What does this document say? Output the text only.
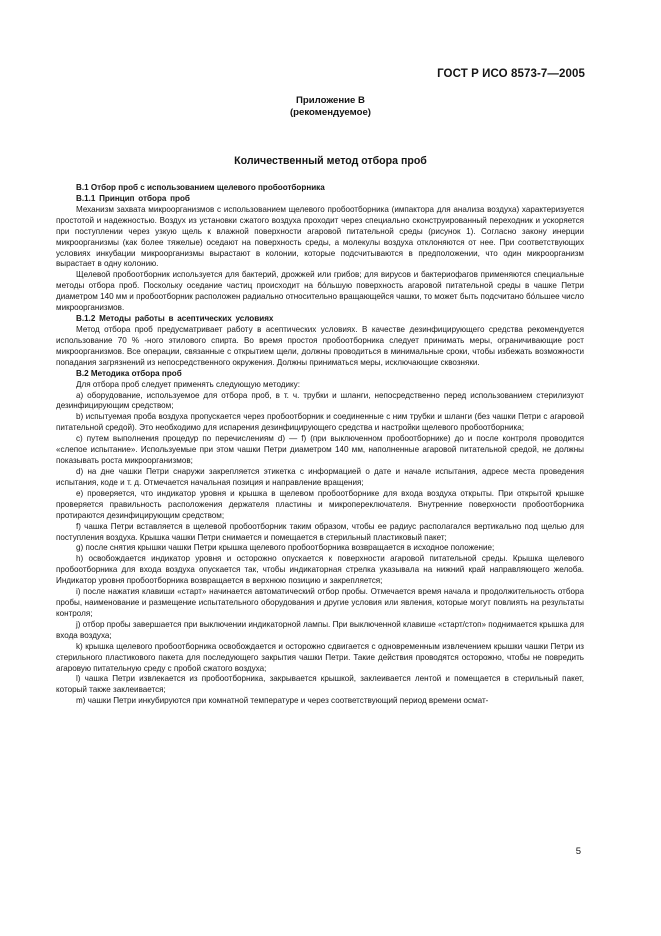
ГОСТ Р ИСО 8573-7—2005
Приложение В
(рекомендуемое)
Количественный метод отбора проб

В.1 Отбор проб с использованием щелевого пробоотборника

В.1.1 Принцип отбора проб

Механизм захвата микроорганизмов с использованием щелевого пробоотборника (импактора для анализа воздуха) характеризуется простотой и надежностью. Воздух из установки сжатого воздуха проходит через специально сконструированный переходник и ускоряется при поступлении через узкую щель к влажной поверхности агаровой питательной среды (рисунок 1). Согласно закону инерции микроорганизмы (как более тяжелые) оседают на поверхность среды, а молекулы воздуха отклоняются от нее. При соответствующих условиях инкубации микроорганизмы вырастают в колонии, которые подсчитываются в предположении, что один микроорганизм вырастает в одну колонию.

Щелевой пробоотборник используется для бактерий, дрожжей или грибов; для вирусов и бактериофагов применяются специальные методы отбора проб. Поскольку оседание частиц происходит на бо́льшую поверхность агаровой питательной среды в чашке Петри диаметром 140 мм и пробоотборник расположен радиально относительно вращающейся чашки, то может быть подсчитано бо́льшее число микроорганизмов.

В.1.2 Методы работы в асептических условиях

Метод отбора проб предусматривает работу в асептических условиях. В качестве дезинфицирующего средства рекомендуется использование 70 % -ного этилового спирта. Во время простоя пробоотборника следует принимать меры, ограничивающие рост микроорганизмов. Все операции, связанные с открытием щели, должны проводиться в минимальные сроки, чтобы избежать возможности попадания загрязнений из непосредственного окружения. Должны приниматься меры, исключающие сквозняки.

В.2 Методика отбора проб

Для отбора проб следует применять следующую методику:

a) оборудование, используемое для отбора проб, в т. ч. трубки и шланги, непосредственно перед использованием стерилизуют дезинфицирующим средством;

b) испытуемая проба воздуха пропускается через пробоотборник и соединенные с ним трубки и шланги (без чашки Петри с агаровой питательной средой). Это необходимо для испарения дезинфицирующего средства и настройки щелевого пробоотборника;

c) путем выполнения процедур по перечислениям d) — f) (при выключенном пробоотборнике) до и после контроля проводится «слепое испытание». Используемые при этом чашки Петри диаметром 140 мм, наполненные агаровой питательной средой, не должны показывать роста микроорганизмов;

d) на дне чашки Петри снаружи закрепляется этикетка с информацией о дате и начале испытания, адресе места проведения испытания, коде и т. д. Отмечается начальная позиция и направление вращения;

e) проверяется, что индикатор уровня и крышка в щелевом пробоотборнике для входа воздуха открыты. При открытой крышке проверяется правильность расположения держателя пластины и микропереключателя. Внутренние поверхности пробоотборника протираются дезинфицирующим средством;

f) чашка Петри вставляется в щелевой пробоотборник таким образом, чтобы ее радиус располагался вертикально под щелью для поступления воздуха. Крышка чашки Петри снимается и помещается в стерильный пластиковый пакет;

g) после снятия крышки чашки Петри крышка щелевого пробоотборника возвращается в исходное положение;

h) освобождается индикатор уровня и осторожно опускается к поверхности агаровой питательной среды. Крышка щелевого пробоотборника для входа воздуха опускается так, чтобы индикаторная стрелка указывала на нижний край направляющего желоба. Индикатор уровня пробоотборника возвращается в верхнюю позицию и закрепляется;

i) после нажатия клавиши «старт» начинается автоматический отбор пробы. Отмечается время начала и продолжительность отбора пробы, наименование и размещение испытательного оборудования и другие условия или явления, которые могут повлиять на результаты контроля;

j) отбор пробы завершается при выключении индикаторной лампы. При выключенной клавише «старт/стоп» поднимается крышка для входа воздуха;

k) крышка щелевого пробоотборника освобождается и осторожно сдвигается с одновременным извлечением крышки чашки Петри из стерильного пластикового пакета для последующего закрытия чашки Петри. Такие действия проводятся осторожно, чтобы не повредить агаровую питательную среду с пробой сжатого воздуха;

l) чашка Петри извлекается из пробоотборника, закрывается крышкой, заклеивается лентой и помещается в стерильный пакет, который также заклеивается;

m) чашки Петри инкубируются при комнатной температуре и через соответствующий период времени осмат-

5
